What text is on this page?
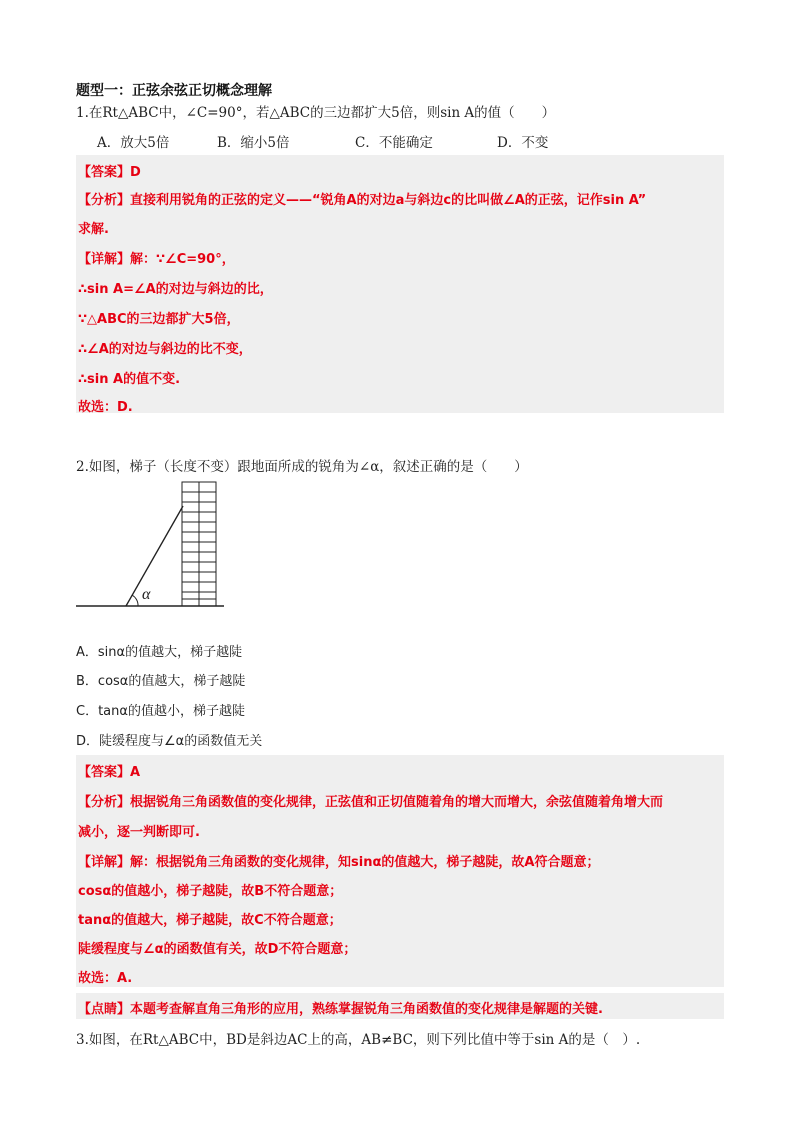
题型一：正弦余弦正切概念理解
1.在Rt△ABC中，∠C=90°，若△ABC的三边都扩大5倍，则sin A的值（　　）
A．放大5倍	B．缩小5倍	C．不能确定	D．不变
【答案】D
【分析】直接利用锐角的正弦的定义——“锐角A的对边a与斜边c的比叫做∠A的正弦，记作sin A”
求解.
【详解】解：∵∠C=90°，
∴sin A=∠A的对边与斜边的比，
∵△ABC的三边都扩大5倍，
∴∠A的对边与斜边的比不变，
∴sin A的值不变.
故选：D.
2.如图，梯子（长度不变）跟地面所成的锐角为∠α，叙述正确的是（　　）
α
A．sinα的值越大，梯子越陡
B．cosα的值越大，梯子越陡
C．tanα的值越小，梯子越陡
D．陡缓程度与∠α的函数值无关
【答案】A
【分析】根据锐角三角函数值的变化规律，正弦值和正切值随着角的增大而增大，余弦值随着角增大而
减小，逐一判断即可.
【详解】解：根据锐角三角函数的变化规律，知sinα的值越大，梯子越陡，故A符合题意；
cosα的值越小，梯子越陡，故B不符合题意；
tanα的值越大，梯子越陡，故C不符合题意；
陡缓程度与∠α的函数值有关，故D不符合题意；
故选：A.
【点睛】本题考查解直角三角形的应用，熟练掌握锐角三角函数值的变化规律是解题的关键.
3.如图，在Rt△ABC中，BD是斜边AC上的高，AB≠BC，则下列比值中等于sin A的是（　）.
